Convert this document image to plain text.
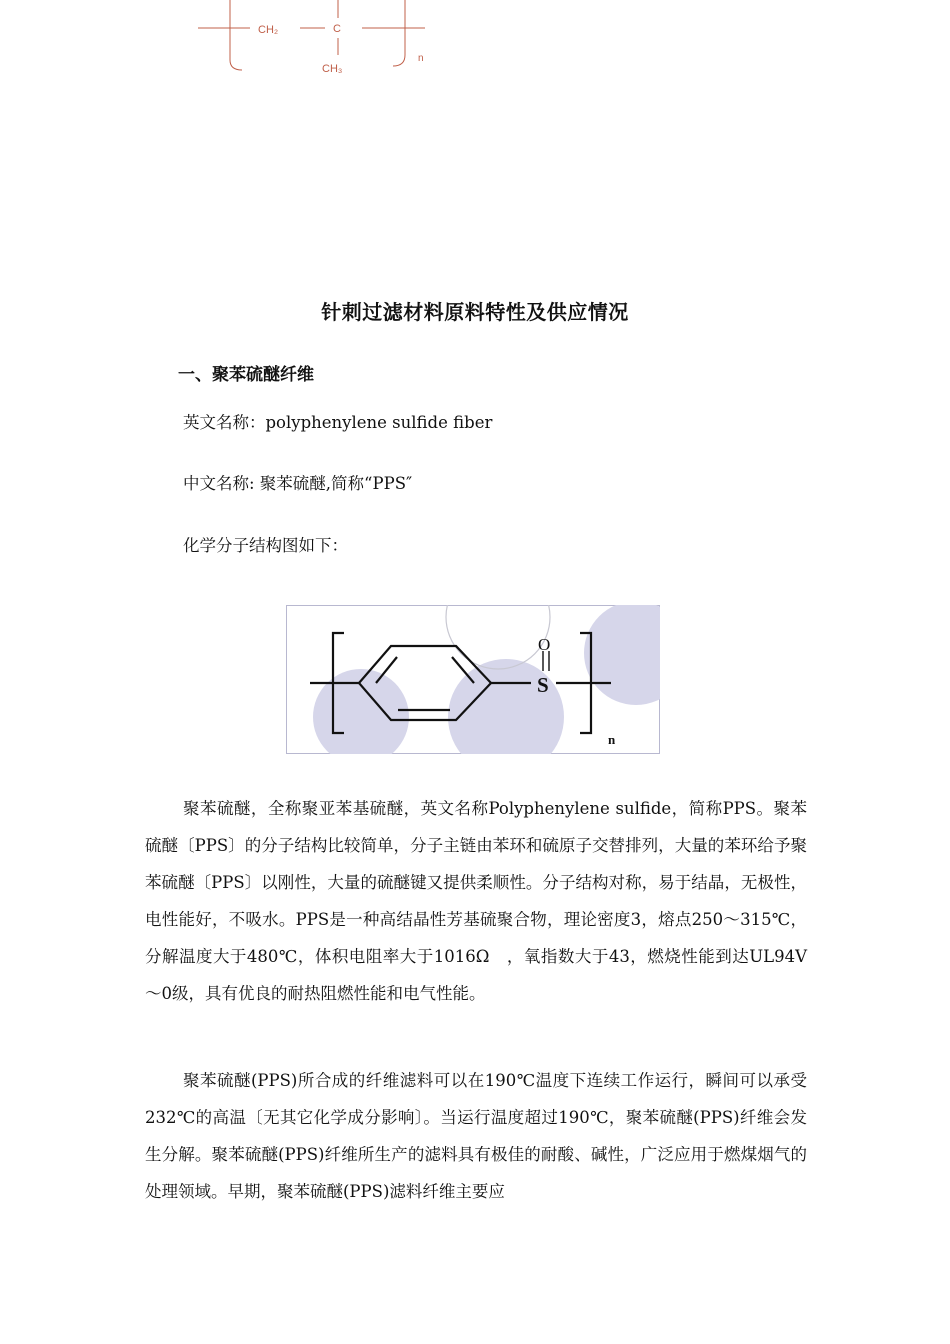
CH₂	C
CH₃
n
针刺过滤材料原料特性及供应情况
一、聚苯硫醚纤维
英文名称：polyphenylene sulfide fiber
中文名称: 聚苯硫醚,简称“PPS″
化学分子结构图如下：
O
S
n

聚苯硫醚，全称聚亚苯基硫醚，英文名称Polyphenylene sulfide，简称PPS。聚苯硫醚〔PPS〕的分子结构比较简单，分子主链由苯环和硫原子交替排列，大量的苯环给予聚苯硫醚〔PPS〕以刚性，大量的硫醚键又提供柔顺性。分子结构对称，易于结晶，无极性，电性能好，不吸水。PPS是一种高结晶性芳基硫聚合物，理论密度3，熔点250～315℃，分解温度大于480℃，体积电阻率大于1016Ω　，氧指数大于43，燃烧性能到达UL94V～0级，具有优良的耐热阻燃性能和电气性能。

聚苯硫醚(PPS)所合成的纤维滤料可以在190℃温度下连续工作运行，瞬间可以承受232℃的高温〔无其它化学成分影响〕。当运行温度超过190℃，聚苯硫醚(PPS)纤维会发生分解。聚苯硫醚(PPS)纤维所生产的滤料具有极佳的耐酸、碱性，广泛应用于燃煤烟气的处理领域。早期，聚苯硫醚(PPS)滤料纤维主要应
